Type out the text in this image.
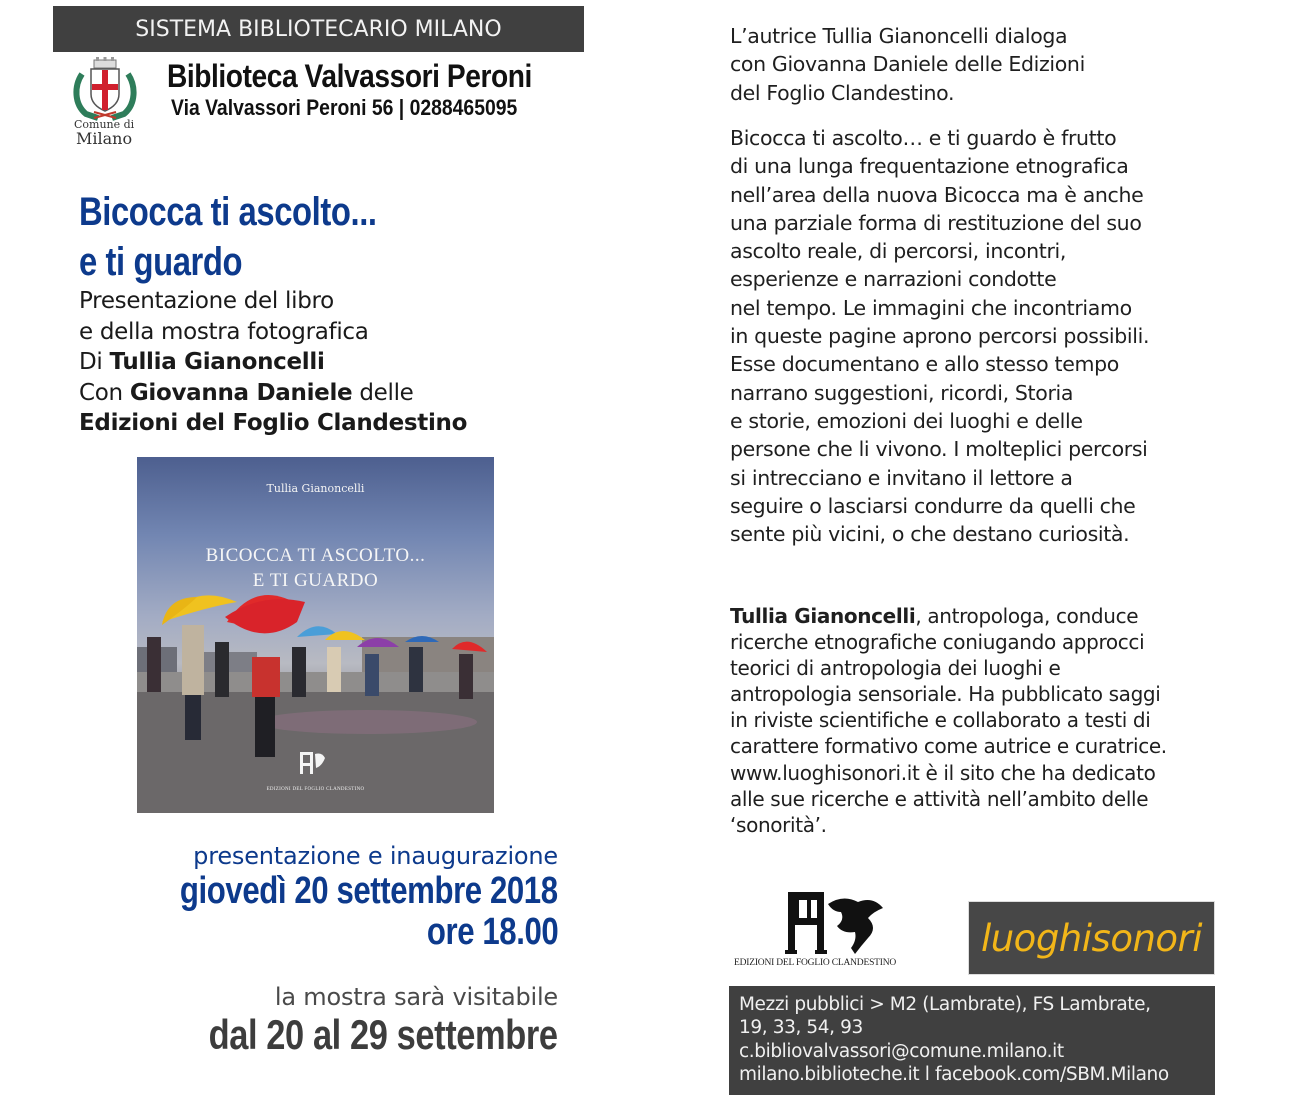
SISTEMA BIBLIOTECARIO MILANO
Comune di
Milano
Biblioteca Valvassori Peroni
Via Valvassori Peroni 56 | 0288465095
Bicocca ti ascolto...
e ti guardo
Presentazione del libro
e della mostra fotografica
Di Tullia Gianoncelli
Con Giovanna Daniele delle
Edizioni del Foglio Clandestino
Tullia Gianoncelli
BICOCCA TI ASCOLTO...
E TI GUARDO
EDIZIONI DEL FOGLIO CLANDESTINO
presentazione e inaugurazione
giovedì 20 settembre 2018
ore 18.00
la mostra sarà visitabile
dal 20 al 29 settembre
L’autrice Tullia Gianoncelli dialoga
con Giovanna Daniele delle Edizioni
del Foglio Clandestino.
Bicocca ti ascolto… e ti guardo è frutto
di una lunga frequentazione etnografica
nell’area della nuova Bicocca ma è anche
una parziale forma di restituzione del suo
ascolto reale, di percorsi, incontri,
esperienze e narrazioni condotte
nel tempo. Le immagini che incontriamo
in queste pagine aprono percorsi possibili.
Esse documentano e allo stesso tempo
narrano suggestioni, ricordi, Storia
e storie, emozioni dei luoghi e delle
persone che li vivono. I molteplici percorsi
si intrecciano e invitano il lettore a
seguire o lasciarsi condurre da quelli che
sente più vicini, o che destano curiosità.
Tullia Gianoncelli, antropologa, conduce
ricerche etnografiche coniugando approcci
teorici di antropologia dei luoghi e
antropologia sensoriale. Ha pubblicato saggi
in riviste scientifiche e collaborato a testi di
carattere formativo come autrice e curatrice.
www.luoghisonori.it è il sito che ha dedicato
alle sue ricerche e attività nell’ambito delle
‘sonorità’.
EDIZIONI DEL FOGLIO CLANDESTINO
luoghisonori
Mezzi pubblici > M2 (Lambrate), FS Lambrate,
19, 33, 54, 93
c.bibliovalvassori@comune.milano.it
milano.biblioteche.it l facebook.com/SBM.Milano
